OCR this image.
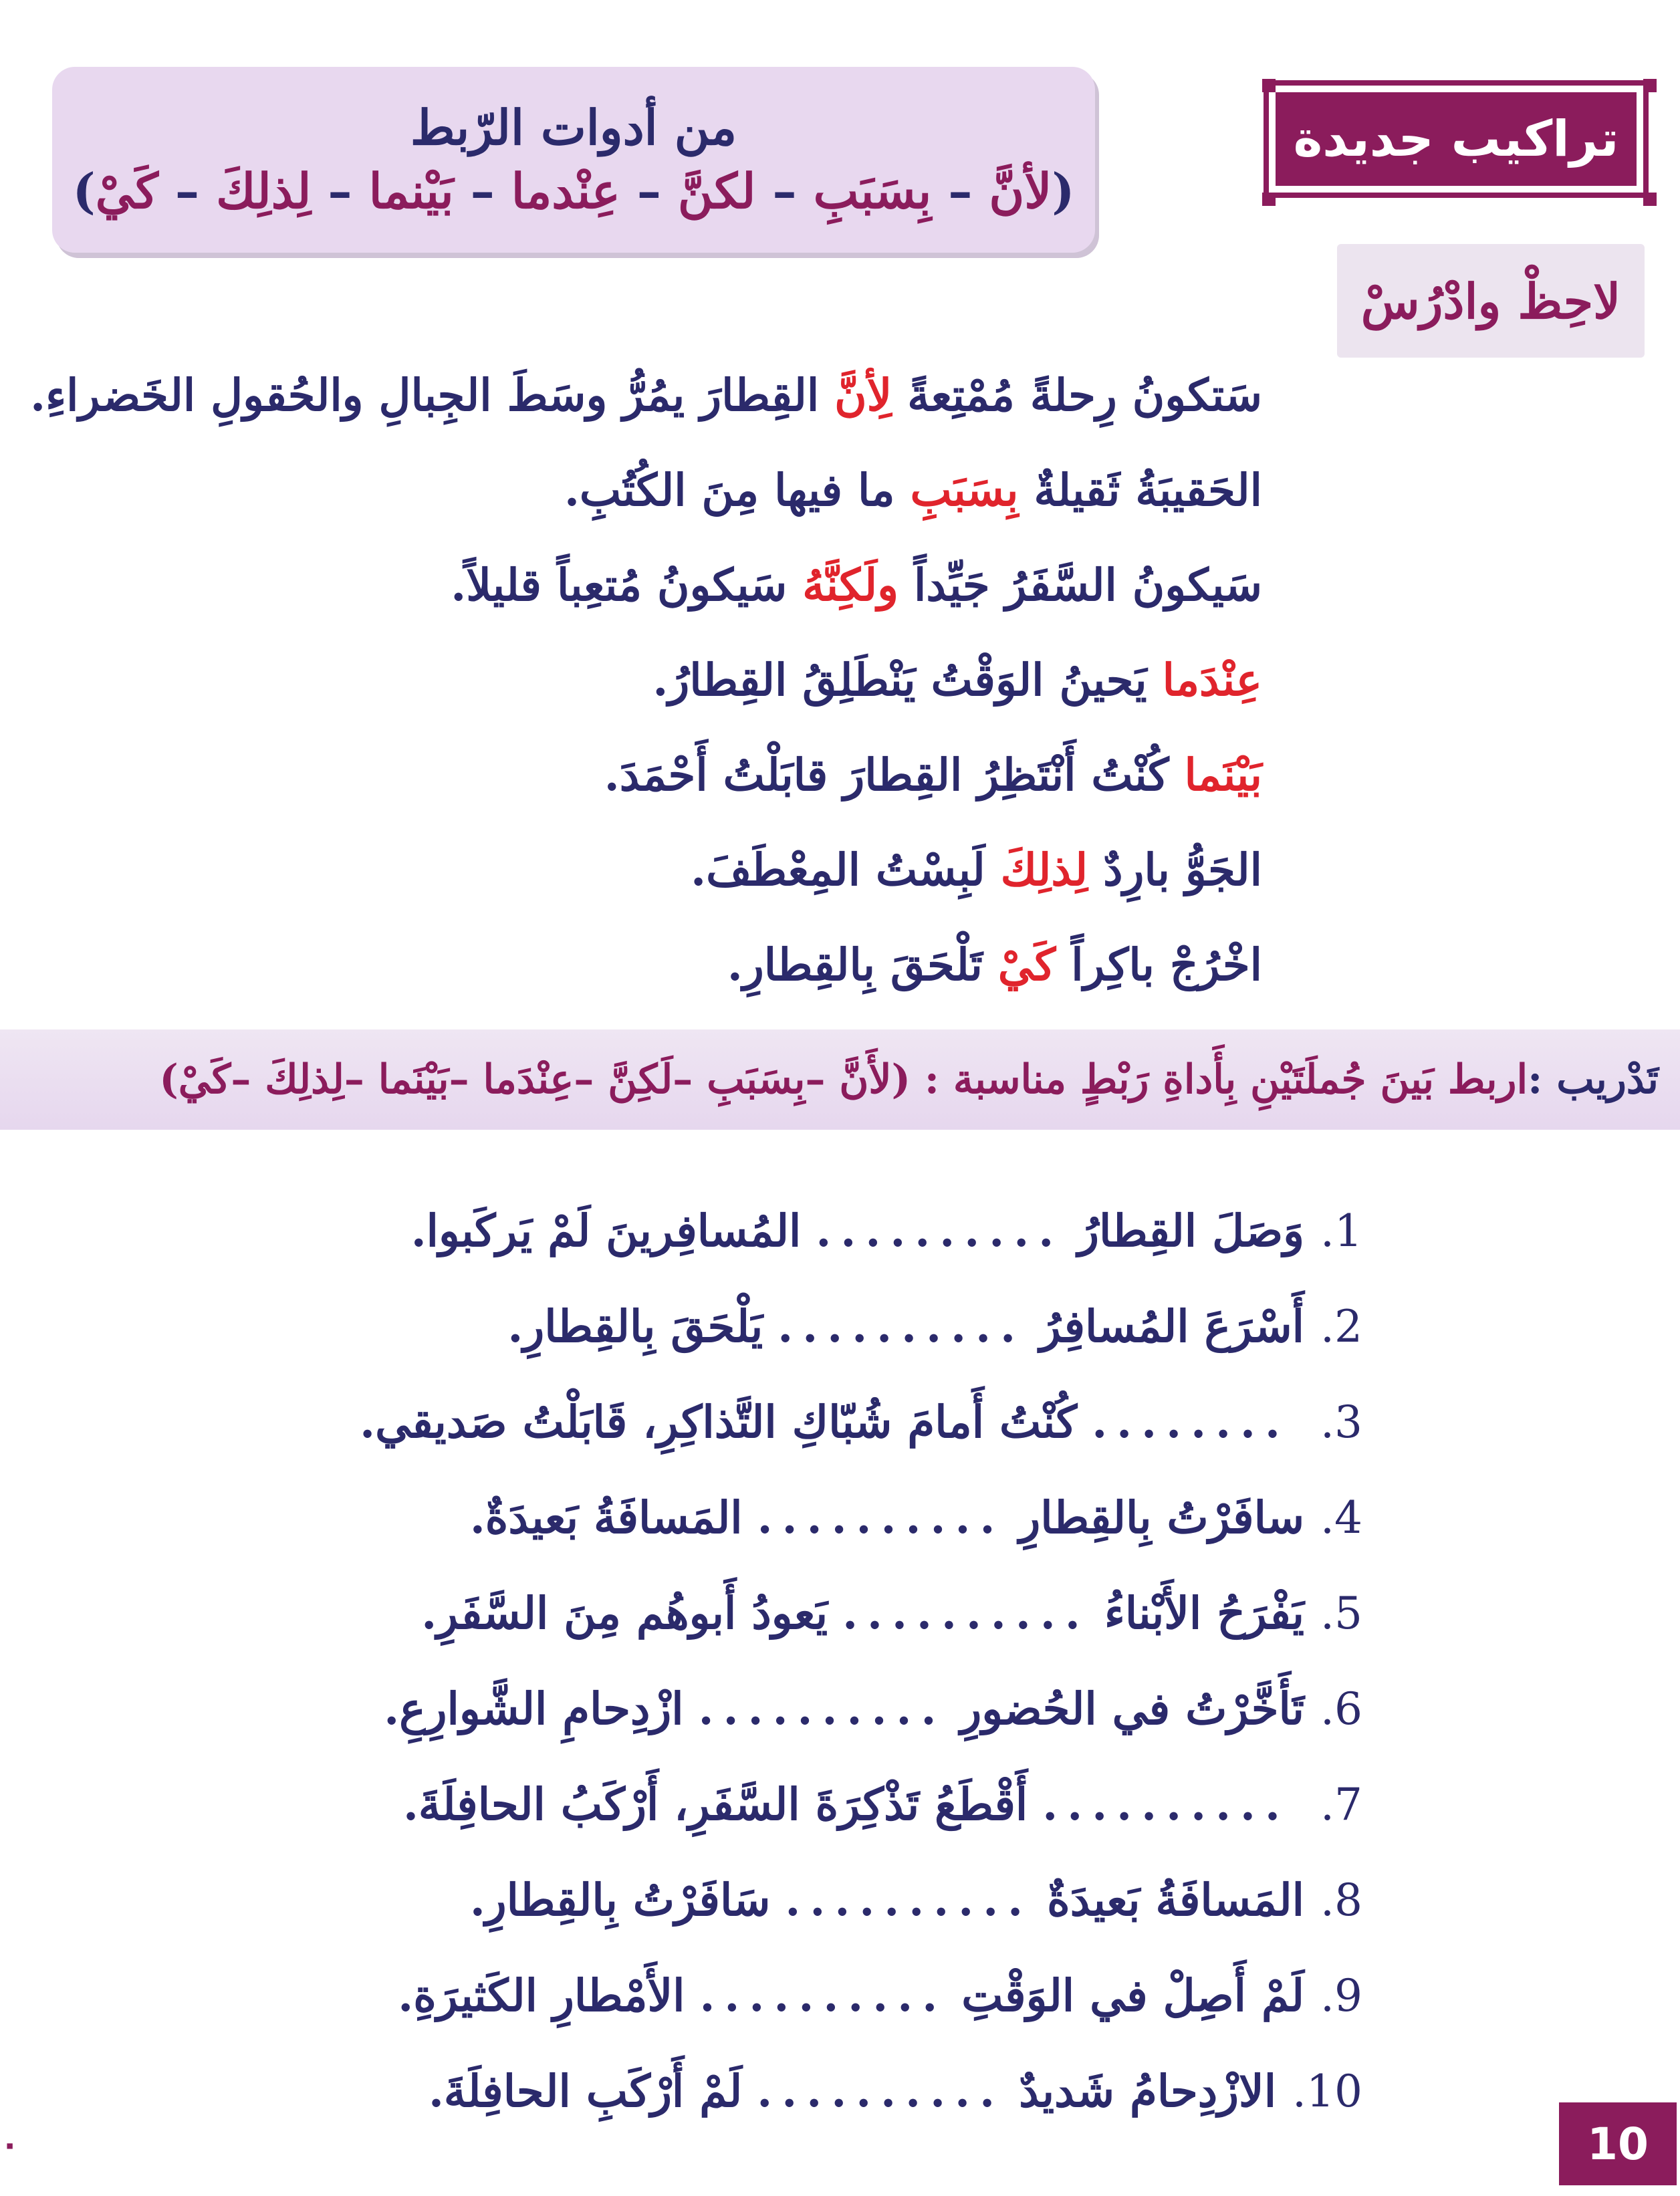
تراكيب جديدة
من أدوات الرّبط
(لأنَّ – بِسَبَبِ – لكنَّ – عِنْدما – بَيْنما – لِذلِكَ – كَيْ)
لاحِظْ وادْرُسْ
سَتكونُ رِحلةً مُمْتِعةً لِأنَّ القِطارَ يمُرُّ وسَطَ الجِبالِ والحُقولِ الخَضراءِ.
الحَقيبَةُ ثَقيلةٌ بِسَبَبِ ما فيها مِنَ الكُتُبِ.
سَيكونُ السَّفَرُ جَيِّداً ولَكِنَّهُ سَيكونُ مُتعِباً قليلاً.
عِنْدَما يَحينُ الوَقْتُ يَنْطَلِقُ القِطارُ.
بَيْنَما كُنْتُ أَنْتَظِرُ القِطارَ قابَلْتُ أَحْمَدَ.
الجَوُّ بارِدٌ لِذلِكَ لَبِسْتُ المِعْطَفَ.
اخْرُجْ باكِراً كَيْ تَلْحَقَ بِالقِطارِ.
تَدْريب :
اربط بَينَ جُملَتَيْنِ بِأَداةِ رَبْطٍ مناسبة : (لأَنَّ –بِسَبَبِ –لَكِنَّ –عِنْدَما –بَيْنَما –لِذلِكَ –كَيْ)
1.
وَصَلَ القِطارُ
..........
المُسافِرينَ لَمْ يَركَبوا.
2.
أَسْرَعَ المُسافِرُ
..........
يَلْحَقَ بِالقِطارِ.
3.
........
كُنْتُ أَمامَ شُبّاكِ التَّذاكِرِ، قَابَلْتُ صَديقي.
4.
سافَرْتُ بِالقِطارِ
..........
المَسافَةُ بَعيدَةٌ.
5.
يَفْرَحُ الأَبْناءُ
..........
يَعودُ أَبوهُم مِنَ السَّفَرِ.
6.
تَأَخَّرْتُ في الحُضورِ
..........
ازْدِحامِ الشَّوارِعِ.
7.
..........
أَقْطَعُ تَذْكِرَةَ السَّفَرِ، أَرْكَبُ الحافِلَةَ.
8.
المَسافَةُ بَعيدَةٌ
..........
سَافَرْتُ بِالقِطارِ.
9.
لَمْ أَصِلْ في الوَقْتِ
..........
الأَمْطارِ الكَثيرَةِ.
10.
الازْدِحامُ شَديدٌ
..........
لَمْ أَرْكَبِ الحافِلَةَ.
10
٠
